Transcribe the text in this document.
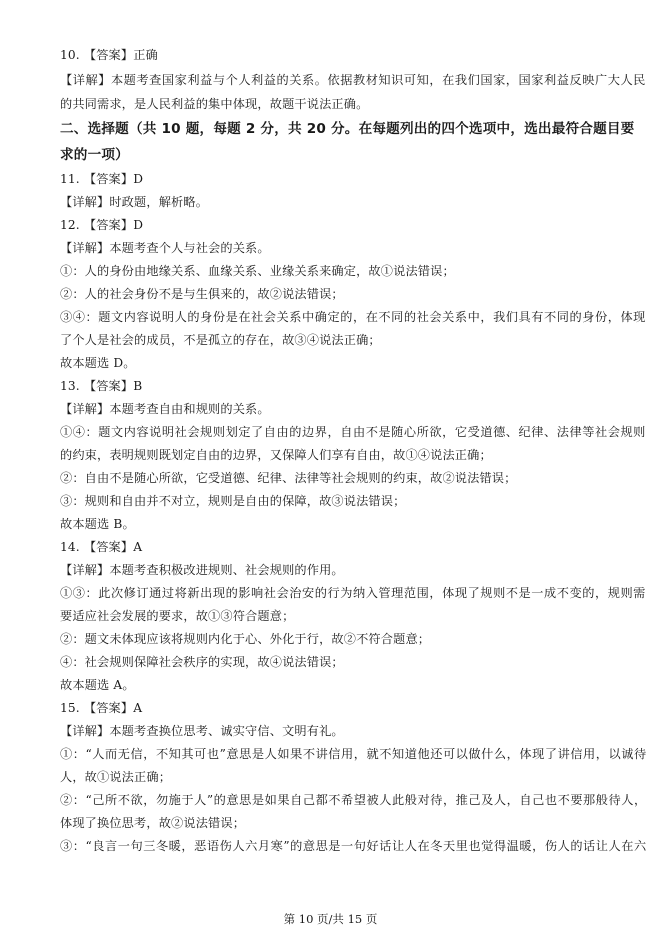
10. 【答案】正确
【详解】本题考查国家利益与个人利益的关系。依据教材知识可知，在我们国家，国家利益反映广大人民
的共同需求，是人民利益的集中体现，故题干说法正确。
二、选择题（共 10 题，每题 2 分，共 20 分。在每题列出的四个选项中，选出最符合题目要
求的一项）
11. 【答案】D
【详解】时政题，解析略。
12. 【答案】D
【详解】本题考查个人与社会的关系。
①：人的身份由地缘关系、血缘关系、业缘关系来确定，故①说法错误；
②：人的社会身份不是与生俱来的，故②说法错误；
③④：题文内容说明人的身份是在社会关系中确定的，在不同的社会关系中，我们具有不同的身份，体现
了个人是社会的成员，不是孤立的存在，故③④说法正确；
故本题选 D。
13. 【答案】B
【详解】本题考查自由和规则的关系。
①④：题文内容说明社会规则划定了自由的边界，自由不是随心所欲，它受道德、纪律、法律等社会规则
的约束，表明规则既划定自由的边界，又保障人们享有自由，故①④说法正确；
②：自由不是随心所欲，它受道德、纪律、法律等社会规则的约束，故②说法错误；
③：规则和自由并不对立，规则是自由的保障，故③说法错误；
故本题选 B。
14. 【答案】A
【详解】本题考查积极改进规则、社会规则的作用。
①③：此次修订通过将新出现的影响社会治安的行为纳入管理范围，体现了规则不是一成不变的，规则需
要适应社会发展的要求，故①③符合题意；
②：题文未体现应该将规则内化于心、外化于行，故②不符合题意；
④：社会规则保障社会秩序的实现，故④说法错误；
故本题选 A。
15. 【答案】A
【详解】本题考查换位思考、诚实守信、文明有礼。
①：“人而无信，不知其可也”意思是人如果不讲信用，就不知道他还可以做什么，体现了讲信用，以诚待
人，故①说法正确；
②：“己所不欲，勿施于人”的意思是如果自己都不希望被人此般对待，推己及人，自己也不要那般待人，
体现了换位思考，故②说法错误；
③：“良言一句三冬暖，恶语伤人六月寒”的意思是一句好话让人在冬天里也觉得温暖，伤人的话让人在六
第 10 页/共 15 页
